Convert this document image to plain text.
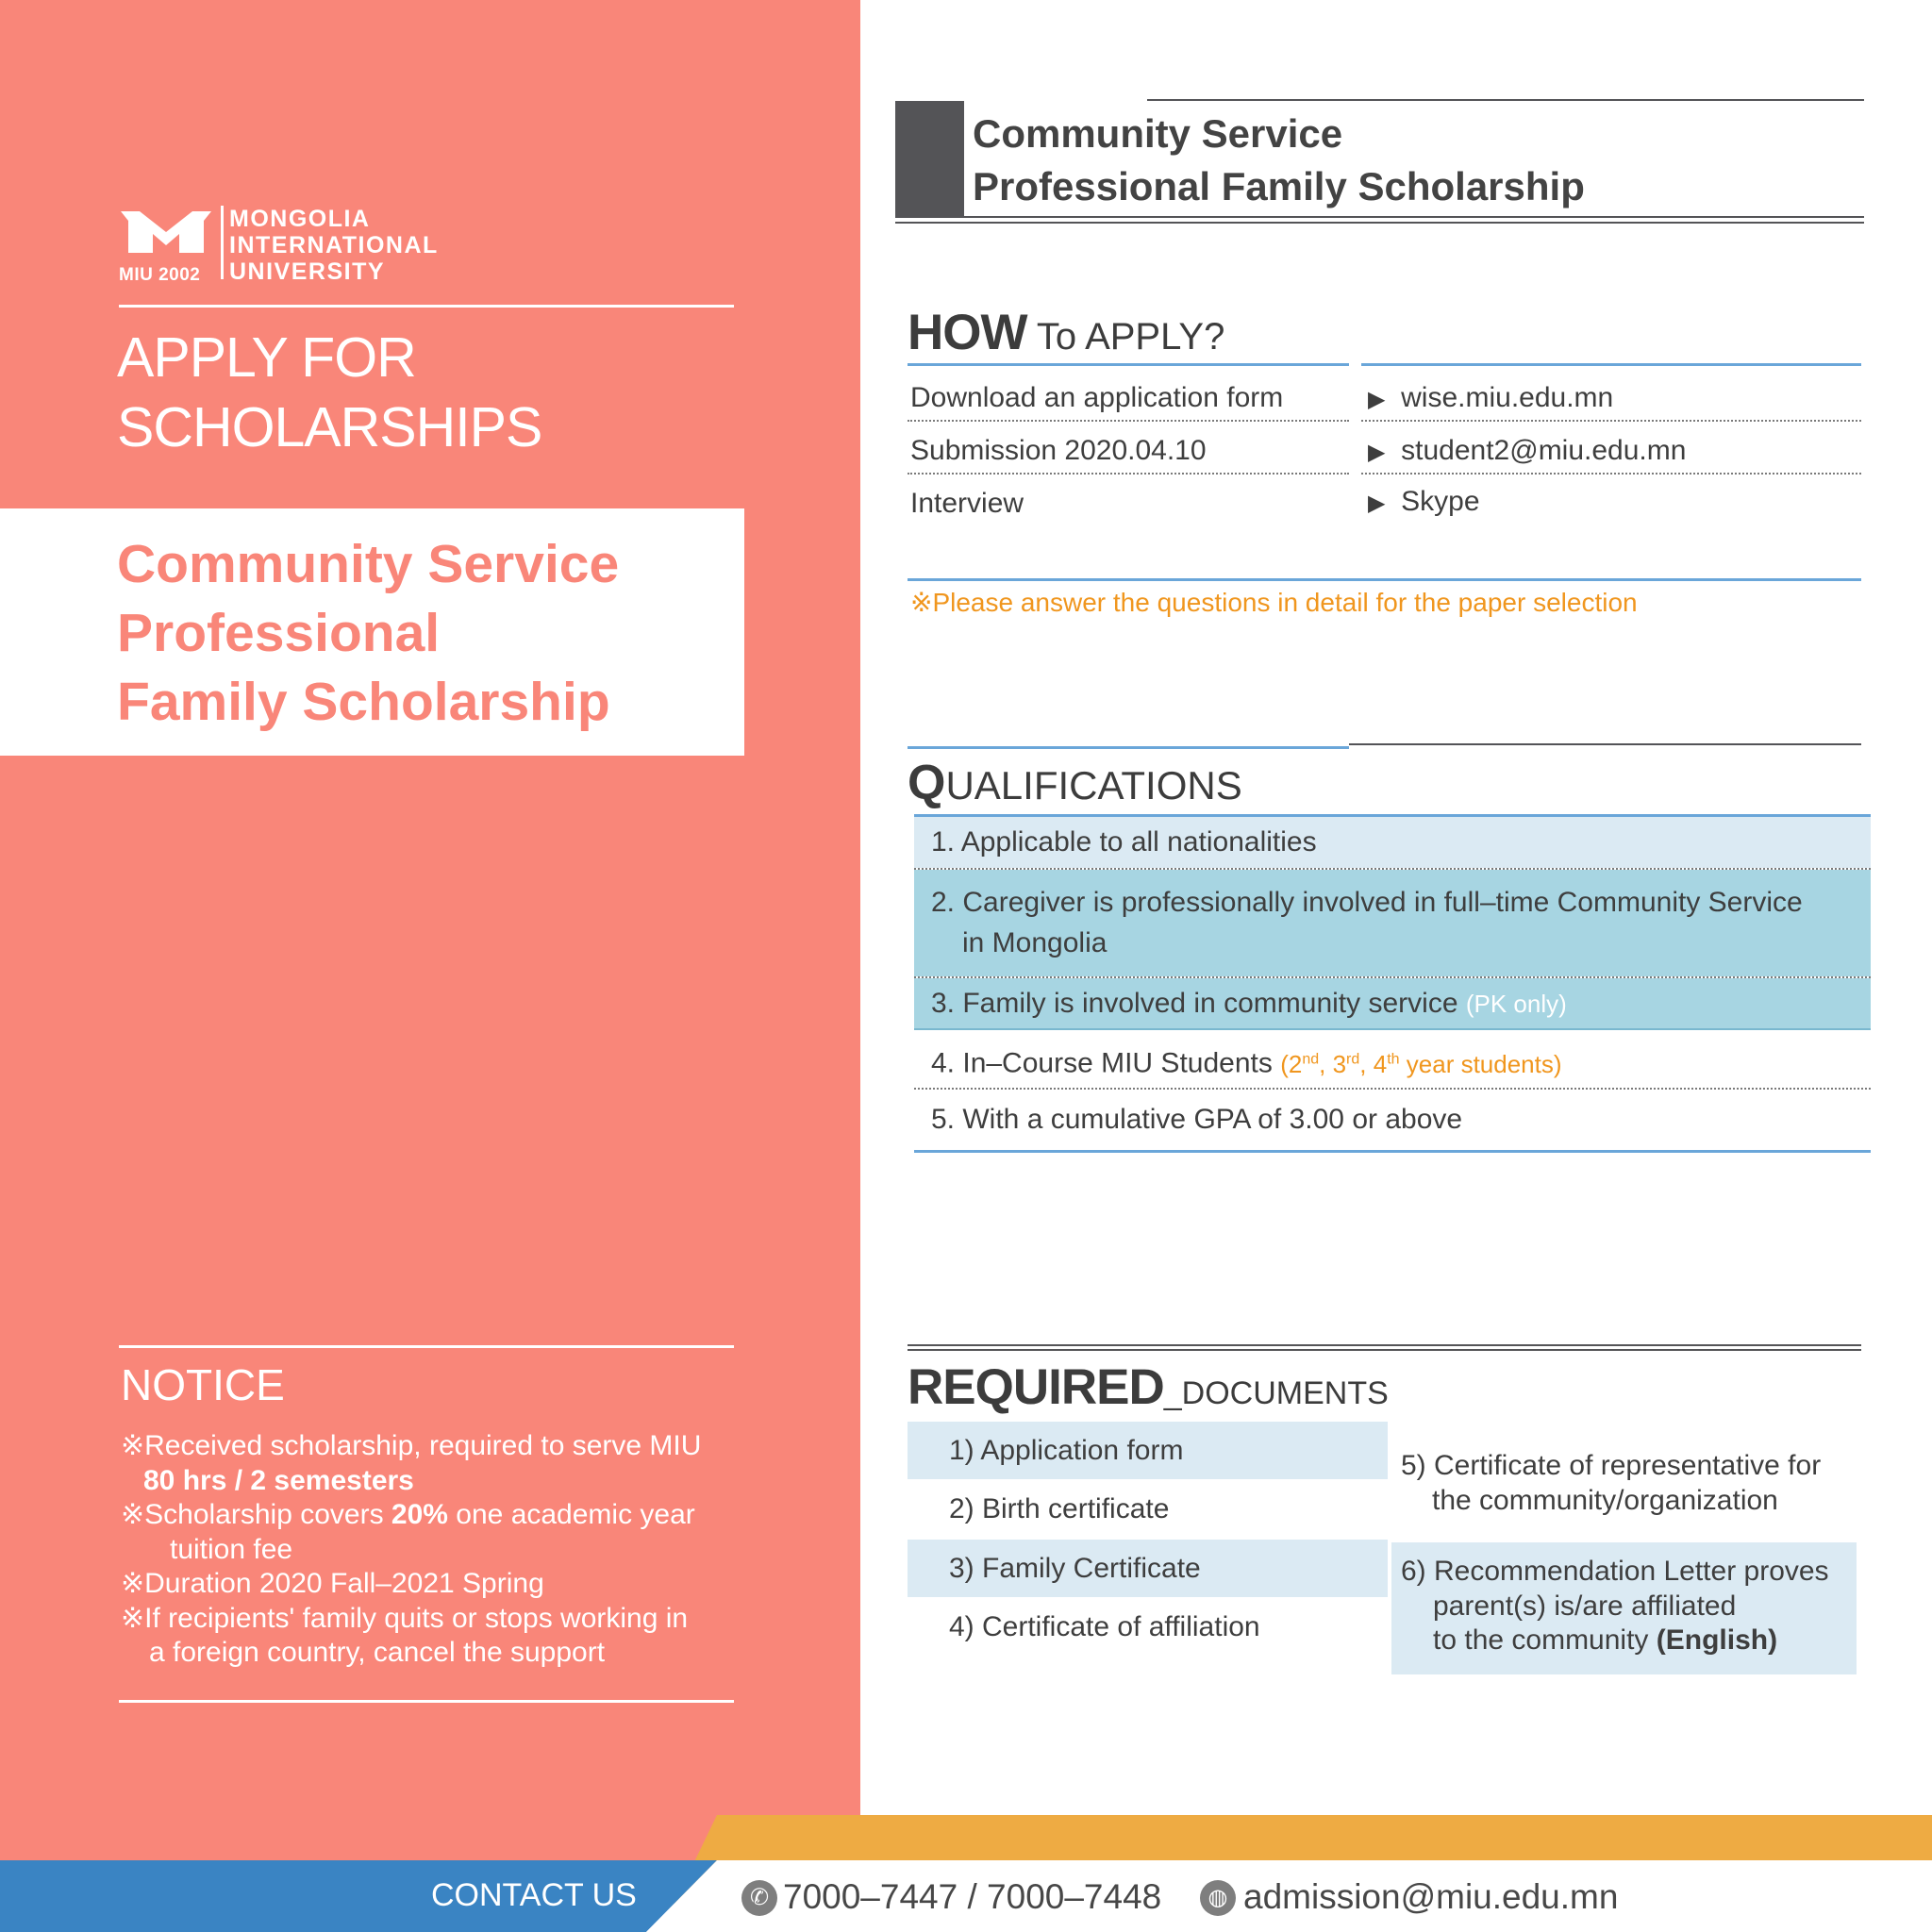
MIU 2002
MONGOLIA
INTERNATIONAL
UNIVERSITY
APPLY FOR
SCHOLARSHIPS
Community Service
Professional
Family Scholarship
NOTICE
※Received scholarship, required to serve MIU
80 hrs / 2 semesters
※Scholarship covers 20% one academic year
tuition fee
※Duration 2020 Fall–2021 Spring
※If recipients' family quits or stops working in
a foreign country, cancel the support
Community Service
Professional Family Scholarship
HOW To APPLY?
Download an application form	▶ wise.miu.edu.mn
Submission 2020.04.10	▶ student2@miu.edu.mn
Interview	▶ Skype
※Please answer the questions in detail for the paper selection
QUALIFICATIONS
1. Applicable to all nationalities
2. Caregiver is professionally involved in full–time Community Service
in Mongolia
3. Family is involved in community service (PK only)
4. In–Course MIU Students (2nd, 3rd, 4th year students)
5. With a cumulative GPA of 3.00 or above
REQUIRED_DOCUMENTS
1) Application form
2) Birth certificate
3) Family Certificate
4) Certificate of affiliation
5) Certificate of representative for
the community/organization
6) Recommendation Letter proves
parent(s) is/are affiliated
to the community (English)
CONTACT US	✆ 7000–7447 / 7000–7448	◍ admission@miu.edu.mn
